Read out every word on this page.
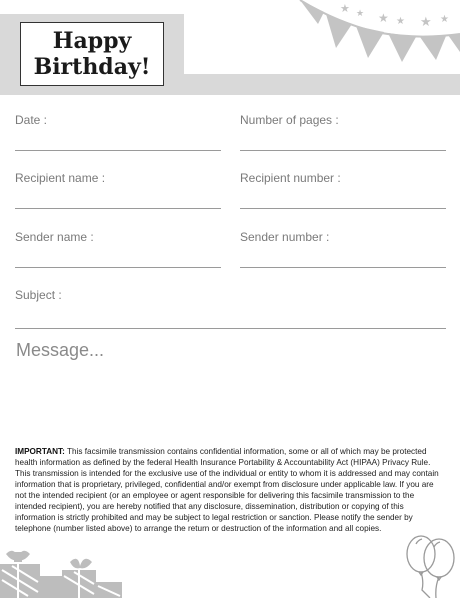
Happy
Birthday!
★ ★ ★ ★ ★ ★
Date :	Number of pages :
Recipient name :	Recipient number :
Sender name :	Sender number :
Subject :
Message...
IMPORTANT: This facsimile transmission contains confidential information, some or all of which may be protected health information as defined by the federal Health Insurance Portability & Accountability Act (HIPAA) Privacy Rule. This transmission is intended for the exclusive use of the individual or entity to whom it is addressed and may contain information that is proprietary, privileged, confidential and/or exempt from disclosure under applicable law. If you are not the intended recipient (or an employee or agent responsible for delivering this facsimile transmission to the intended recipient), you are hereby notified that any disclosure, dissemination, distribution or copying of this information is strictly prohibited and may be subject to legal restriction or sanction. Please notify the sender by telephone (number listed above) to arrange the return or destruction of the information and all copies.
